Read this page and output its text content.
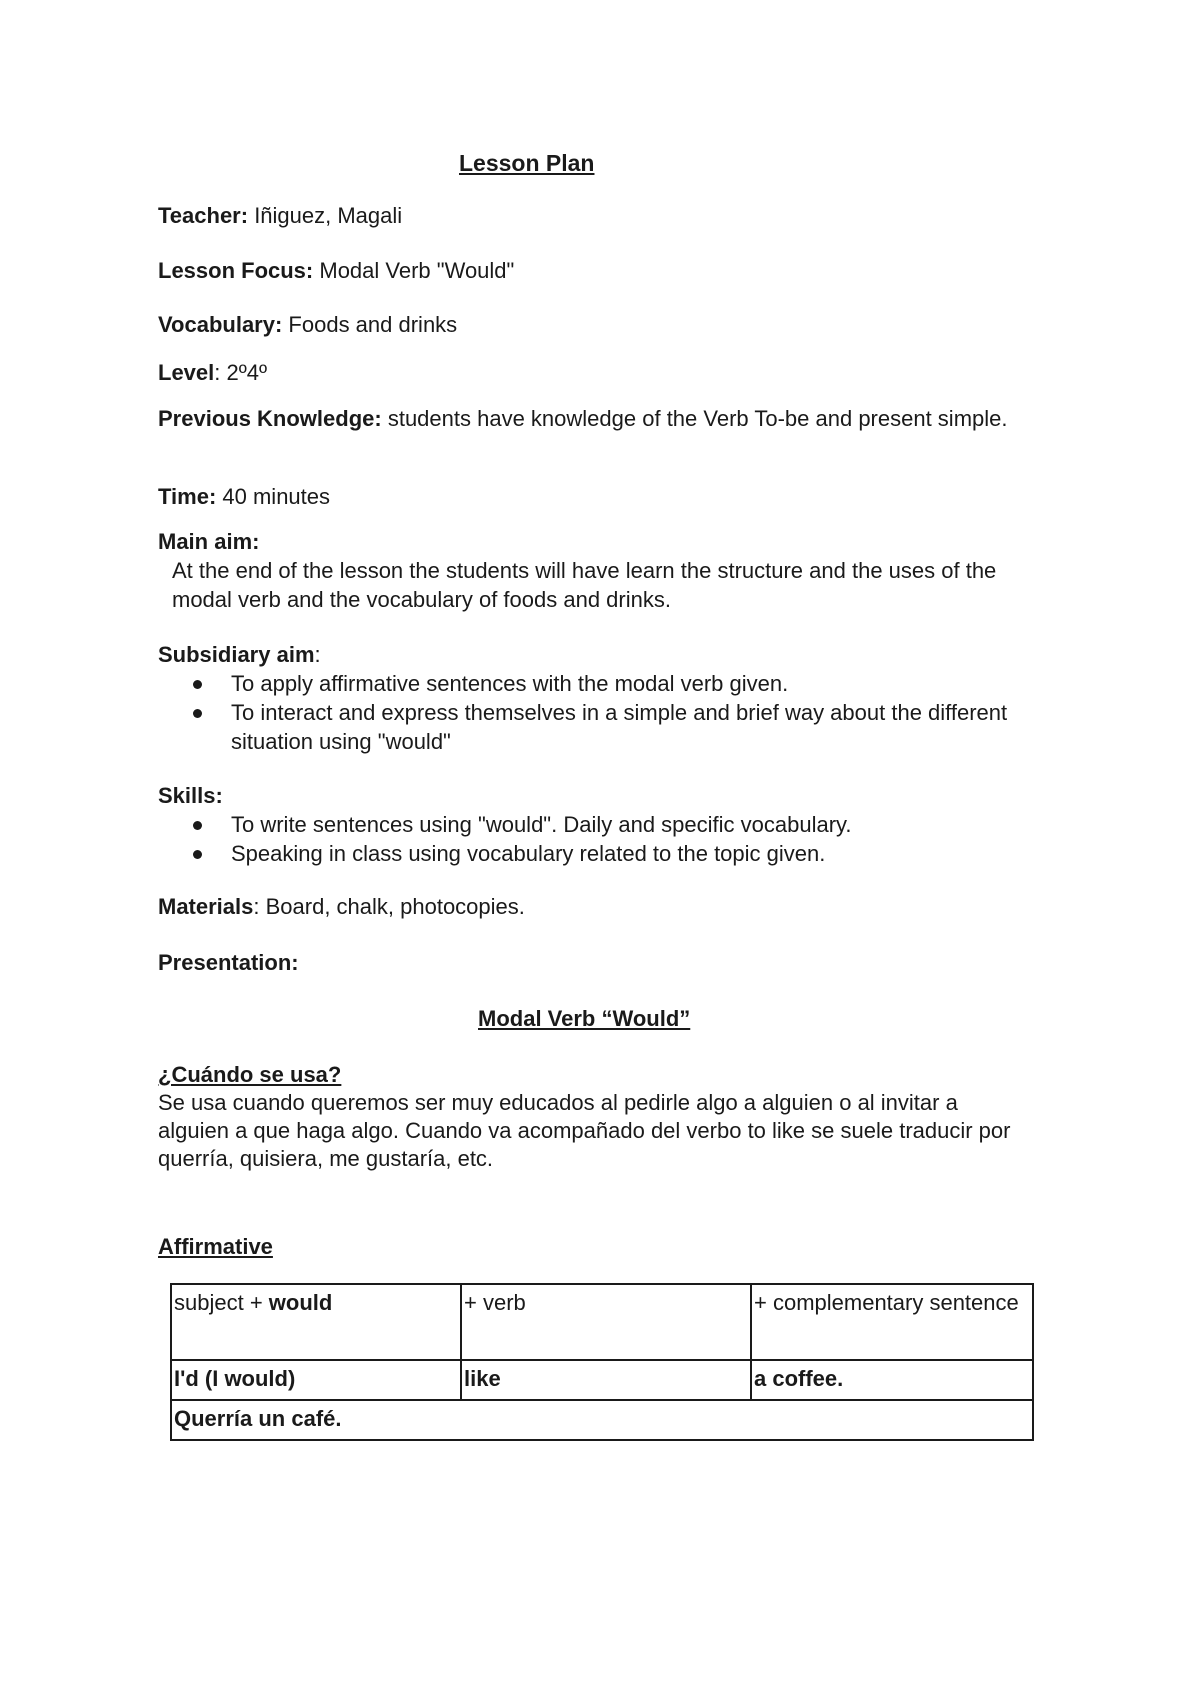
Lesson Plan
Teacher: Iñiguez, Magali
Lesson Focus: Modal Verb "Would"
Vocabulary: Foods and drinks
Level: 2º4º
Previous Knowledge: students have knowledge of the Verb To-be and present simple.
Time: 40 minutes
Main aim:
At the end of the lesson the students will have learn the structure and the uses of the modal verb and the vocabulary of foods and drinks.
Subsidiary aim:
To apply affirmative sentences with the modal verb given.
To interact and express themselves in a simple and brief way about the different situation using "would"
Skills:
To write sentences using "would". Daily and specific vocabulary.
Speaking in class using vocabulary related to the topic given.
Materials: Board, chalk, photocopies.
Presentation:
Modal Verb “Would”
¿Cuándo se usa?
Se usa cuando queremos ser muy educados al pedirle algo a alguien o al invitar a alguien a que haga algo. Cuando va acompañado del verbo to like se suele traducir por querría, quisiera, me gustaría, etc.
Affirmative
subject + would	+ verb	+ complementary sentence
I'd (I would)	like	a coffee.
Querría un café.		
